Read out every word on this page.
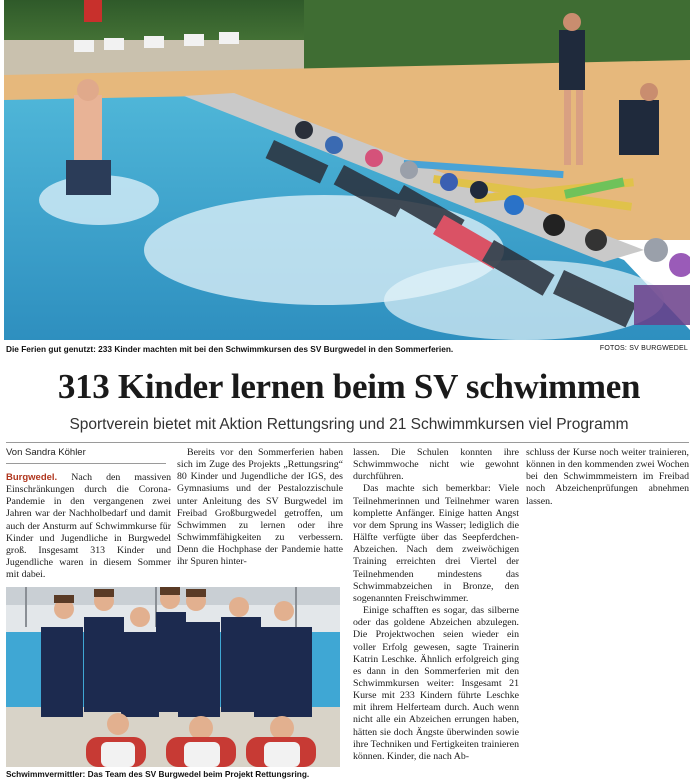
Die Ferien gut genutzt: 233 Kinder machten mit bei den Schwimmkursen des SV Burgwedel in den Sommerferien.	FOTOS: SV BURGWEDEL
313 Kinder lernen beim SV schwimmen

Sportverein bietet mit Aktion Rettungsring und 21 Schwimmkursen viel Programm

Von Sandra Köhler

Burgwedel. Nach den massiven Einschränkungen durch die Corona-Pandemie in den vergangenen zwei Jahren war der Nachholbedarf und damit auch der Ansturm auf Schwimmkurse für Kinder und Jugendliche in Burgwedel groß. Insgesamt 313 Kinder und Jugendliche waren in diesem Sommer mit dabei.

Bereits vor den Sommerferien haben sich im Zuge des Projekts „Rettungsring“ 80 Kinder und Jugendliche der IGS, des Gymnasiums und der Pestalozzischule unter Anleitung des SV Burgwedel im Freibad Großburgwedel getroffen, um Schwimmen zu lernen oder ihre Schwimmfähigkeiten zu verbessern. Denn die Hochphase der Pandemie hatte ihr Spuren hinter-

lassen. Die Schulen konnten ihre Schwimmwoche nicht wie gewohnt durchführen.

Das machte sich bemerkbar: Viele Teilnehmerinnen und Teilnehmer waren komplette Anfänger. Einige hatten Angst vor dem Sprung ins Wasser; lediglich die Hälfte verfügte über das Seepferdchen-Abzeichen. Nach dem zweiwöchigen Training erreichten drei Viertel der Teilnehmenden mindestens das Schwimmabzeichen in Bronze, den sogenannten Freischwimmer.

Einige schafften es sogar, das silberne oder das goldene Abzeichen abzulegen. Die Projektwochen seien wieder ein voller Erfolg gewesen, sagte Trainerin Katrin Leschke. Ähnlich erfolgreich ging es dann in den Sommerferien mit den Schwimmkursen weiter: Insgesamt 21 Kurse mit 233 Kindern führte Leschke mit ihrem Helferteam durch. Auch wenn nicht alle ein Abzeichen errungen haben, hätten sie doch Ängste überwinden sowie ihre Techniken und Fertigkeiten trainieren können. Kinder, die nach Ab-

schluss der Kurse noch weiter trainieren, können in den kommenden zwei Wochen bei den Schwimmmeistern im Freibad noch Abzeichenprüfungen abnehmen lassen.

Schwimmvermittler: Das Team des SV Burgwedel beim Projekt Rettungsring.
